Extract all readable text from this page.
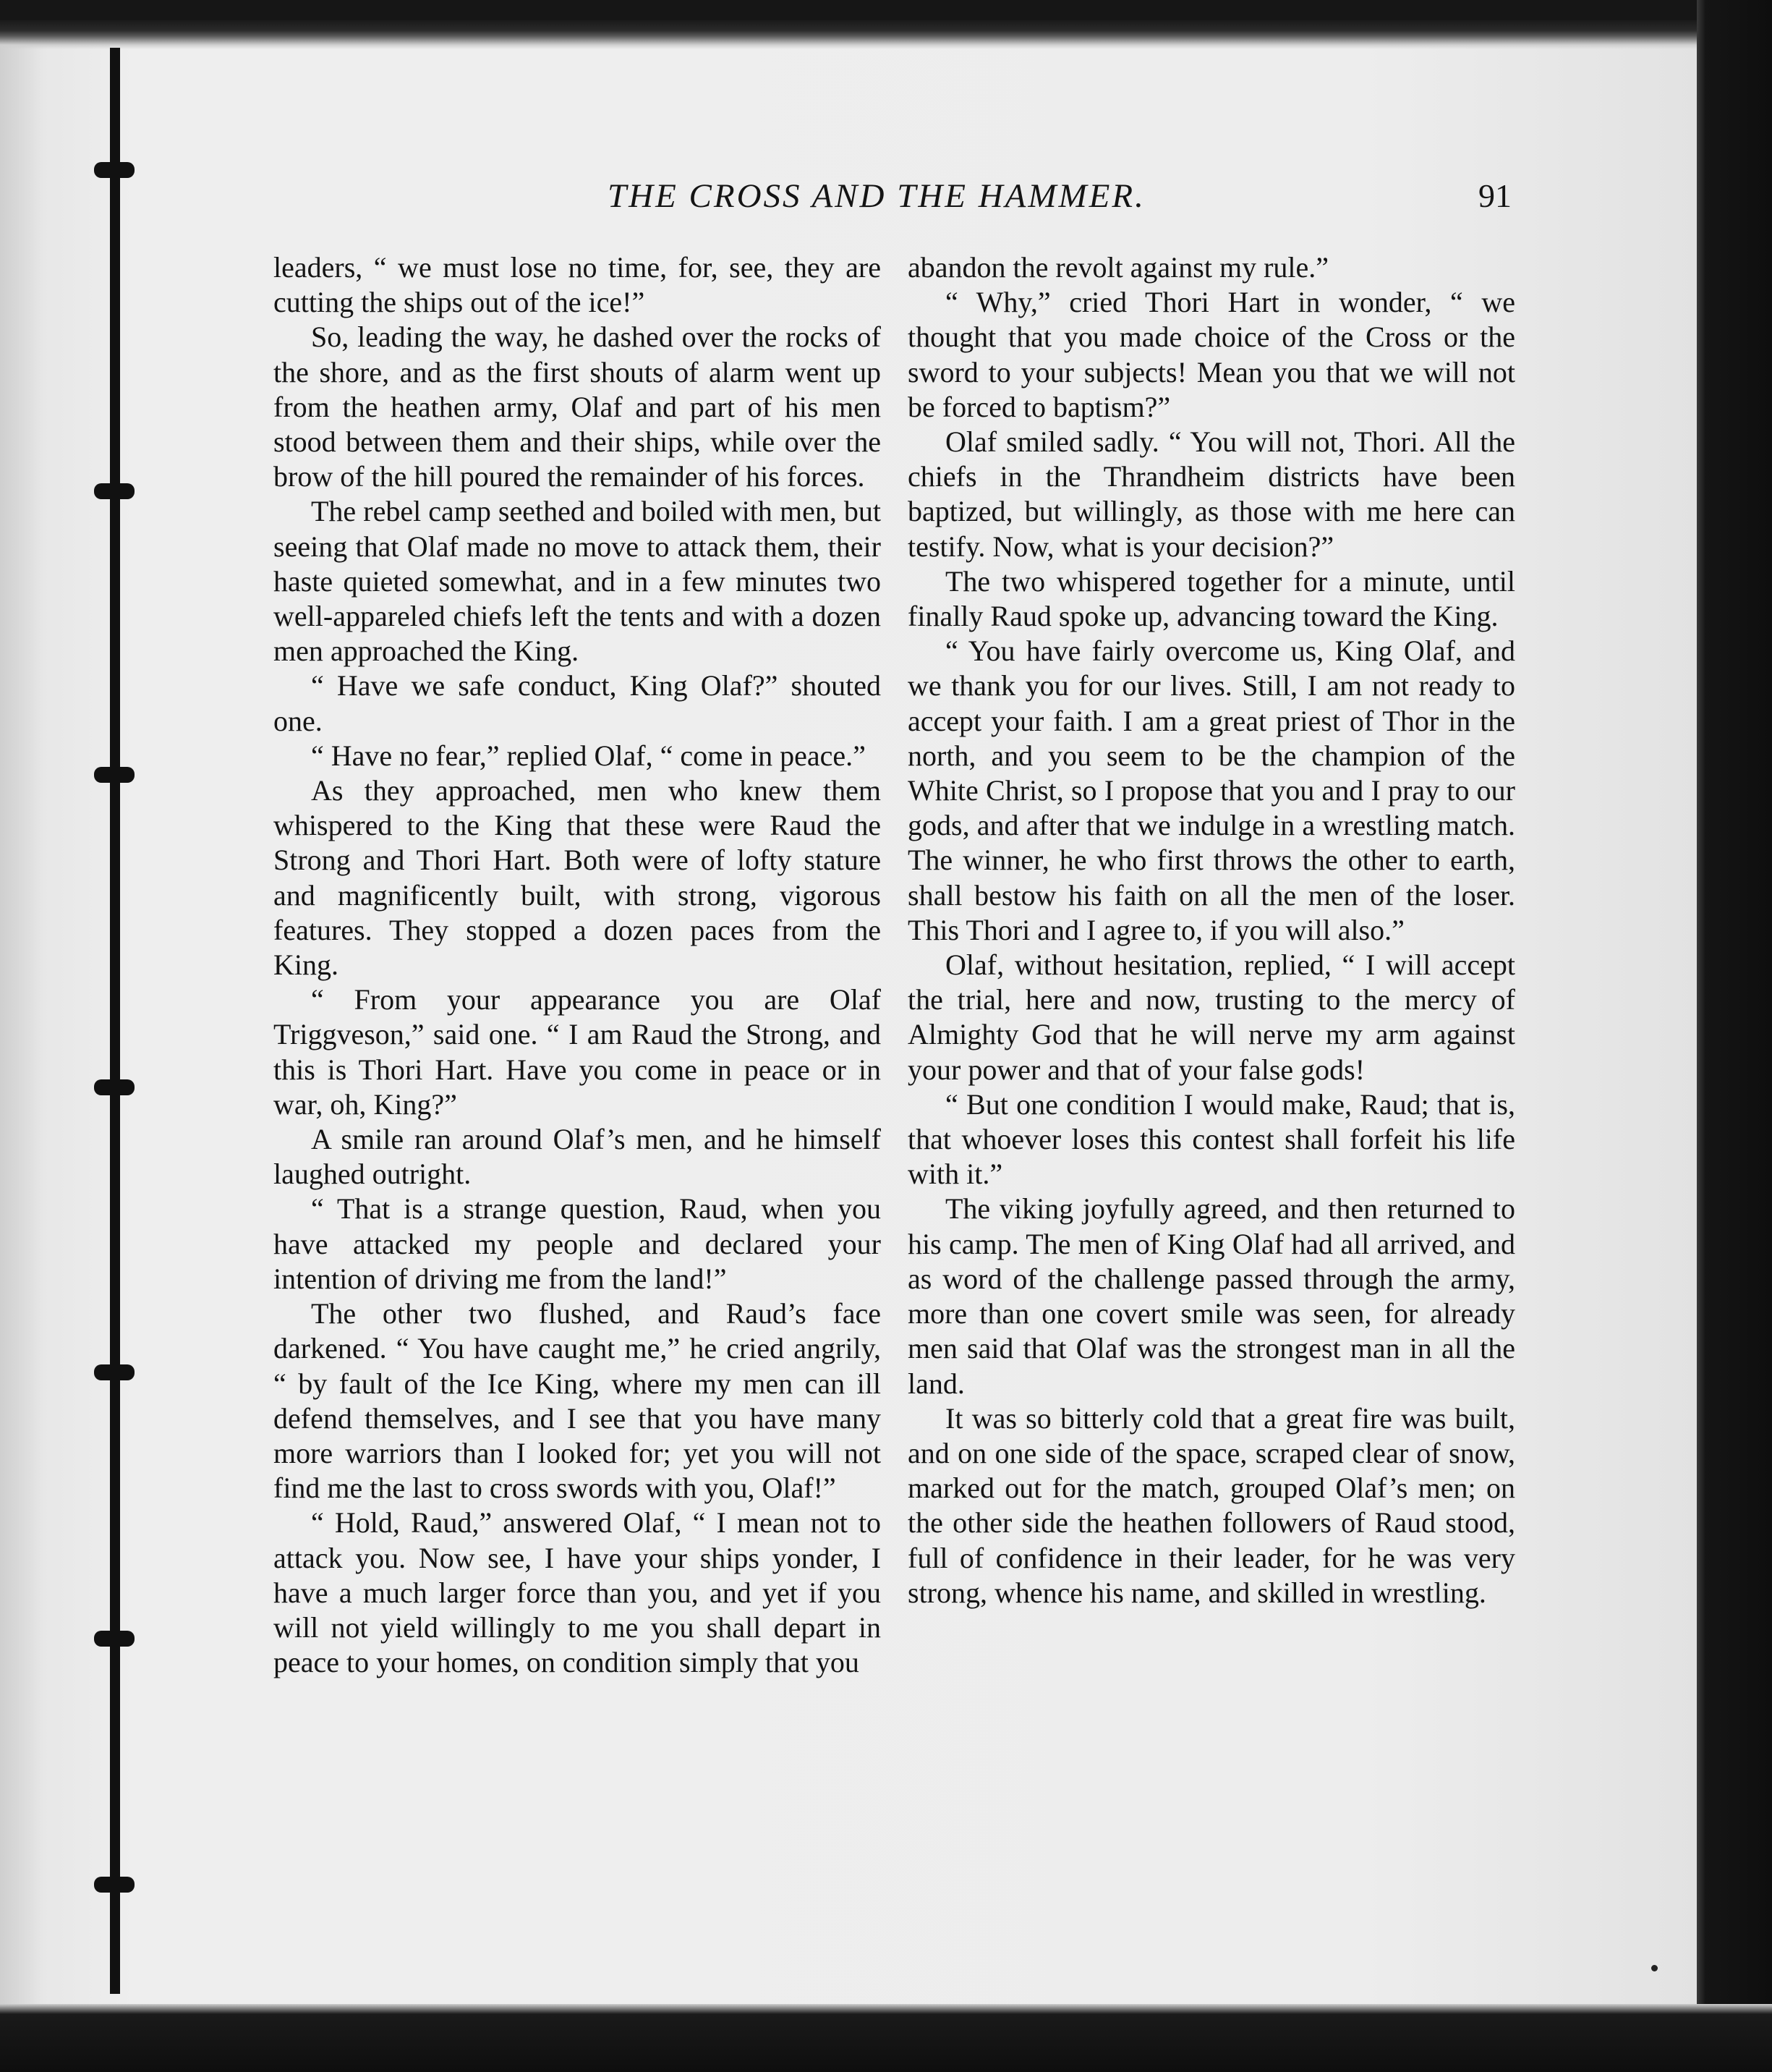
THE CROSS AND THE HAMMER.	91

leaders, “ we must lose no time, for, see, they are cutting the ships out of the ice!”

So, leading the way, he dashed over the rocks of the shore, and as the first shouts of alarm went up from the heathen army, Olaf and part of his men stood between them and their ships, while over the brow of the hill poured the remainder of his forces.

The rebel camp seethed and boiled with men, but seeing that Olaf made no move to attack them, their haste quieted somewhat, and in a few minutes two well-appareled chiefs left the tents and with a dozen men approached the King.

“ Have we safe conduct, King Olaf?” shouted one.

“ Have no fear,” replied Olaf, “ come in peace.”

As they approached, men who knew them whispered to the King that these were Raud the Strong and Thori Hart. Both were of lofty stature and magnificently built, with strong, vigorous features. They stopped a dozen paces from the King.

“ From your appearance you are Olaf Triggveson,” said one. “ I am Raud the Strong, and this is Thori Hart. Have you come in peace or in war, oh, King?”

A smile ran around Olaf’s men, and he himself laughed outright.

“ That is a strange question, Raud, when you have attacked my people and declared your intention of driving me from the land!”

The other two flushed, and Raud’s face darkened. “ You have caught me,” he cried angrily, “ by fault of the Ice King, where my men can ill defend themselves, and I see that you have many more warriors than I looked for; yet you will not find me the last to cross swords with you, Olaf!”

“ Hold, Raud,” answered Olaf, “ I mean not to attack you. Now see, I have your ships yonder, I have a much larger force than you, and yet if you will not yield willingly to me you shall depart in peace to your homes, on condition simply that you

abandon the revolt against my rule.”

“ Why,” cried Thori Hart in wonder, “ we thought that you made choice of the Cross or the sword to your subjects! Mean you that we will not be forced to baptism?”

Olaf smiled sadly. “ You will not, Thori. All the chiefs in the Thrandheim districts have been baptized, but willingly, as those with me here can testify. Now, what is your decision?”

The two whispered together for a minute, until finally Raud spoke up, advancing toward the King.

“ You have fairly overcome us, King Olaf, and we thank you for our lives. Still, I am not ready to accept your faith. I am a great priest of Thor in the north, and you seem to be the champion of the White Christ, so I propose that you and I pray to our gods, and after that we indulge in a wrestling match. The winner, he who first throws the other to earth, shall bestow his faith on all the men of the loser. This Thori and I agree to, if you will also.”

Olaf, without hesitation, replied, “ I will accept the trial, here and now, trusting to the mercy of Almighty God that he will nerve my arm against your power and that of your false gods!

“ But one condition I would make, Raud; that is, that whoever loses this contest shall forfeit his life with it.”

The viking joyfully agreed, and then returned to his camp. The men of King Olaf had all arrived, and as word of the challenge passed through the army, more than one covert smile was seen, for already men said that Olaf was the strongest man in all the land.

It was so bitterly cold that a great fire was built, and on one side of the space, scraped clear of snow, marked out for the match, grouped Olaf’s men; on the other side the heathen followers of Raud stood, full of confidence in their leader, for he was very strong, whence his name, and skilled in wrestling.
